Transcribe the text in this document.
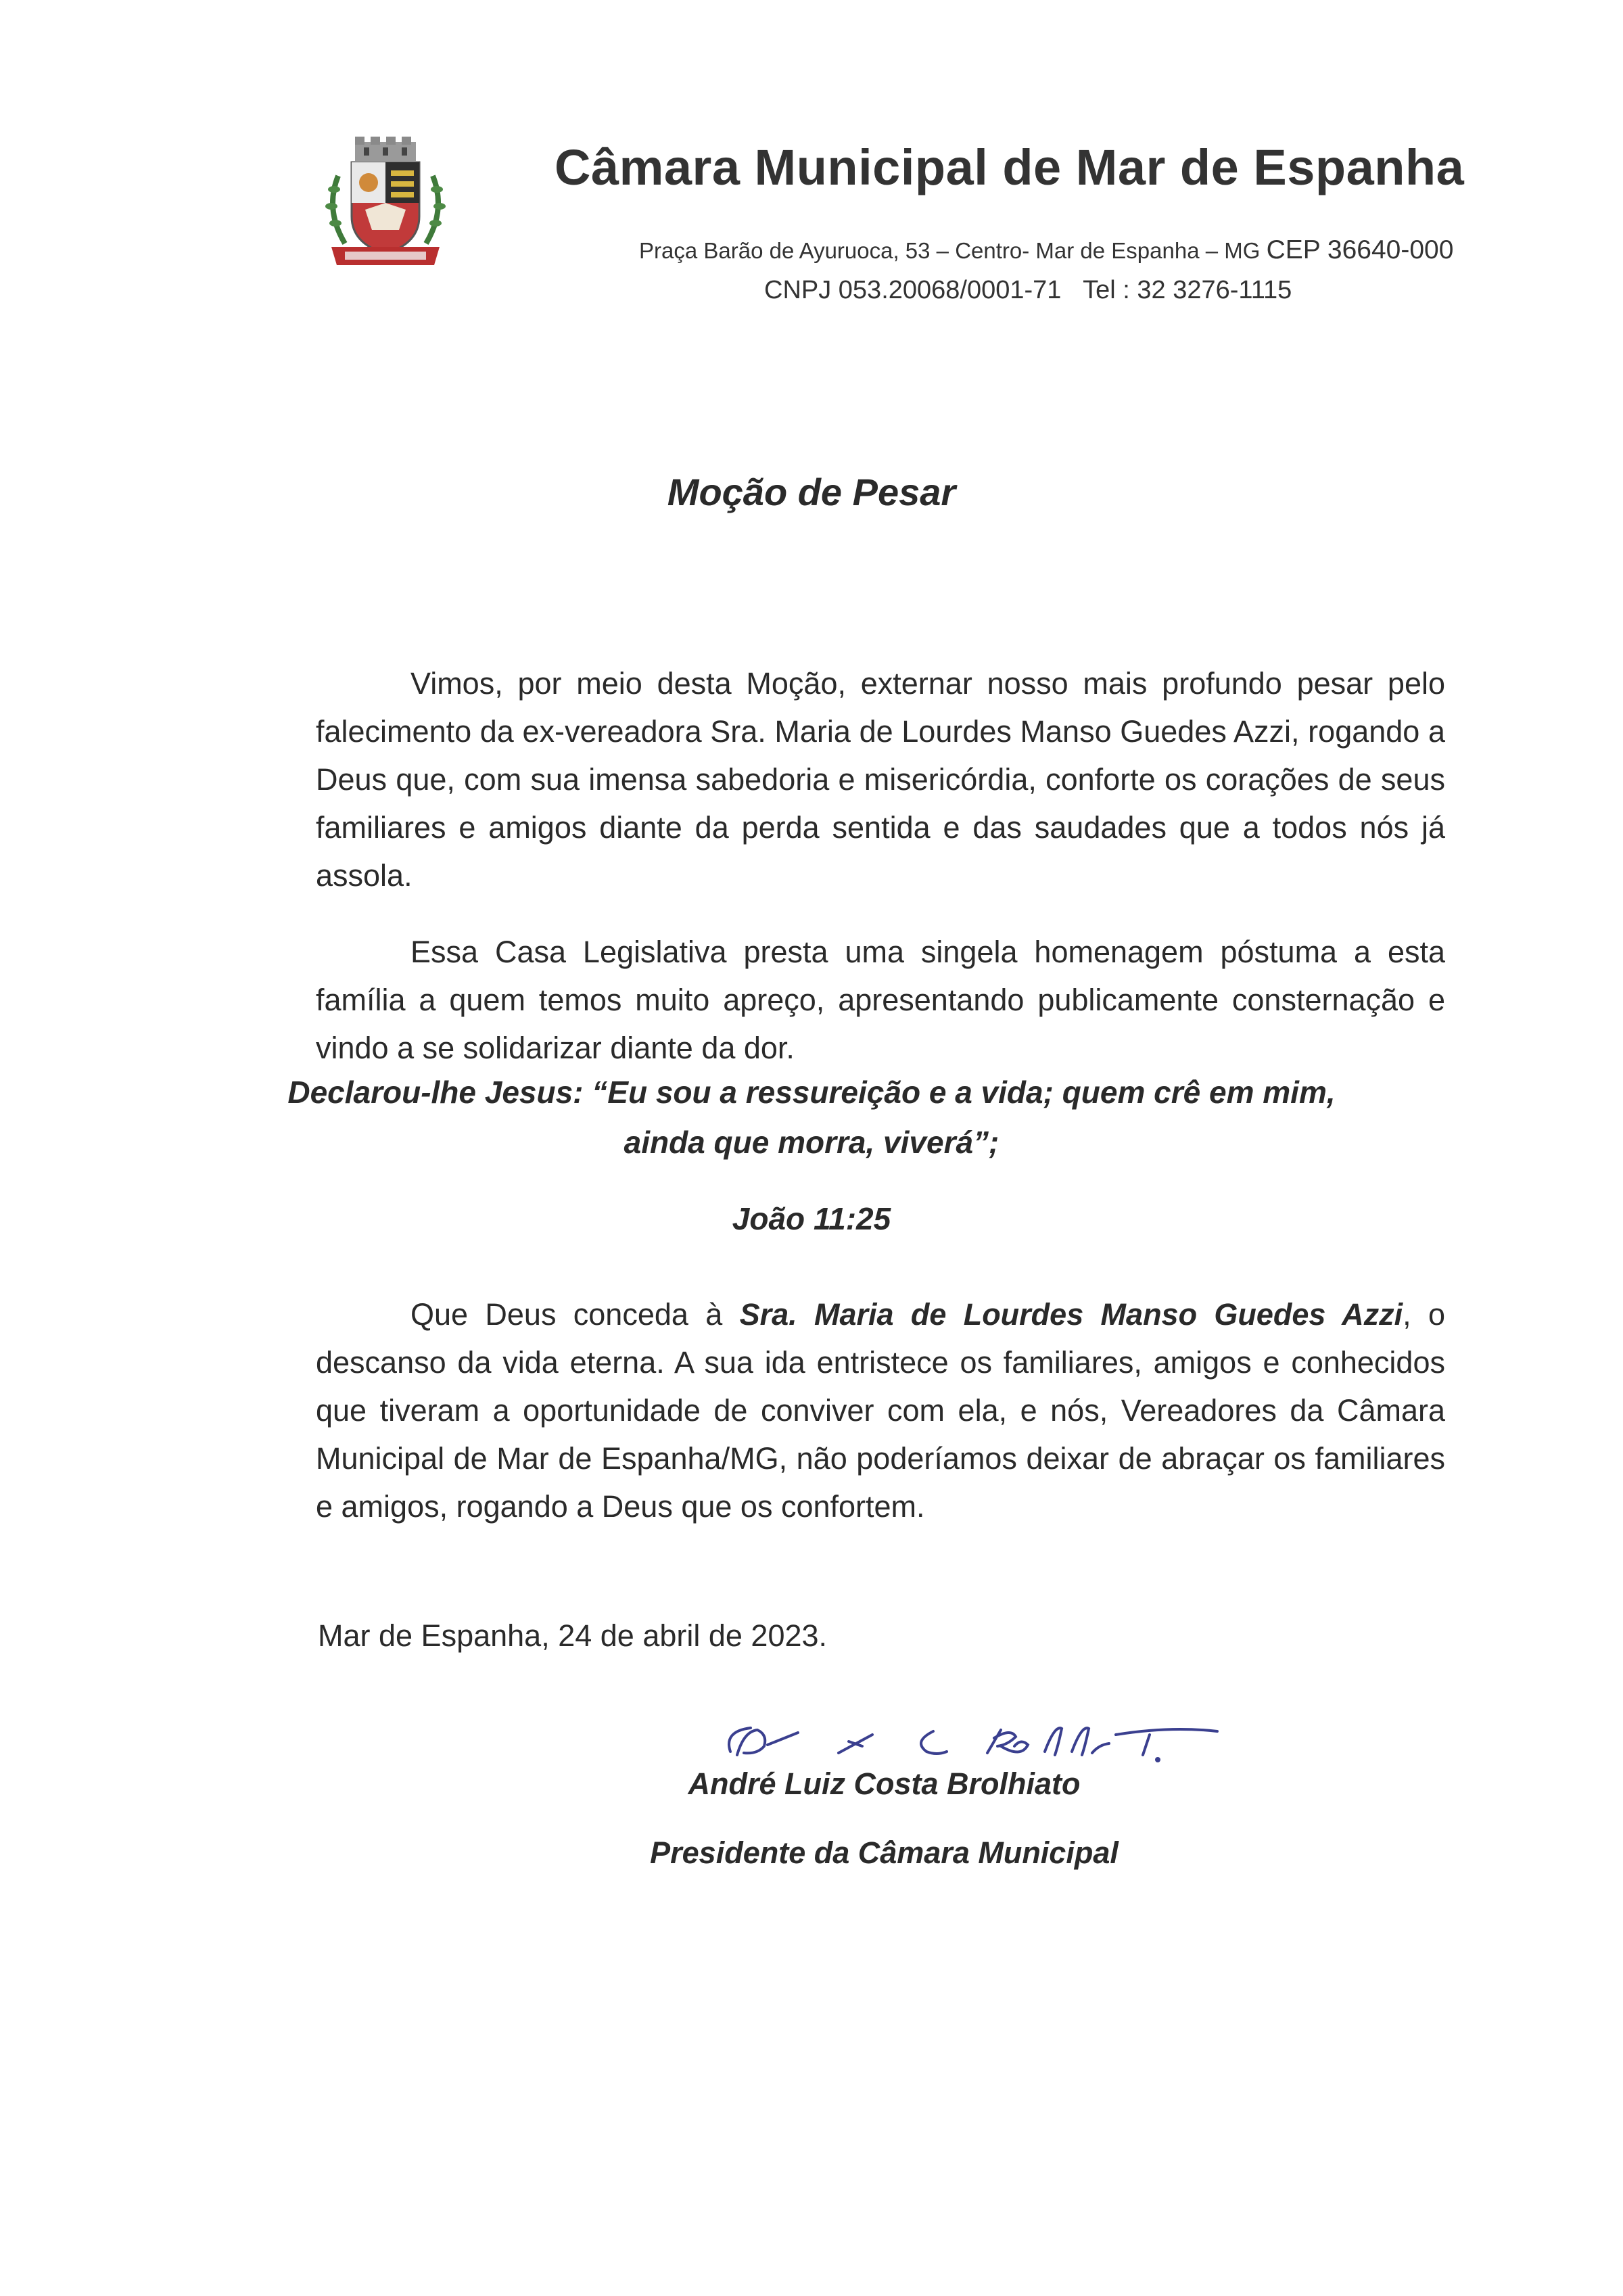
Câmara Municipal de Mar de Espanha
Praça Barão de Ayuruoca, 53 – Centro- Mar de Espanha – MG CEP 36640-000
CNPJ 053.20068/0001-71 Tel : 32 3276-1115
Moção de Pesar

Vimos, por meio desta Moção, externar nosso mais profundo pesar pelo falecimento da ex-vereadora Sra. Maria de Lourdes Manso Guedes Azzi, rogando a Deus que, com sua imensa sabedoria e misericórdia, conforte os corações de seus familiares e amigos diante da perda sentida e das saudades que a todos nós já assola.

Essa Casa Legislativa presta uma singela homenagem póstuma a esta família a quem temos muito apreço, apresentando publicamente consternação e vindo a se solidarizar diante da dor.

Declarou-lhe Jesus: “Eu sou a ressureição e a vida; quem crê em mim,
ainda que morra, viverá”;
João 11:25

Que Deus conceda à Sra. Maria de Lourdes Manso Guedes Azzi, o descanso da vida eterna. A sua ida entristece os familiares, amigos e conhecidos que tiveram a oportunidade de conviver com ela, e nós, Vereadores da Câmara Municipal de Mar de Espanha/MG, não poderíamos deixar de abraçar os familiares e amigos, rogando a Deus que os confortem.

Mar de Espanha, 24 de abril de 2023.
André Luiz Costa Brolhiato
Presidente da Câmara Municipal
